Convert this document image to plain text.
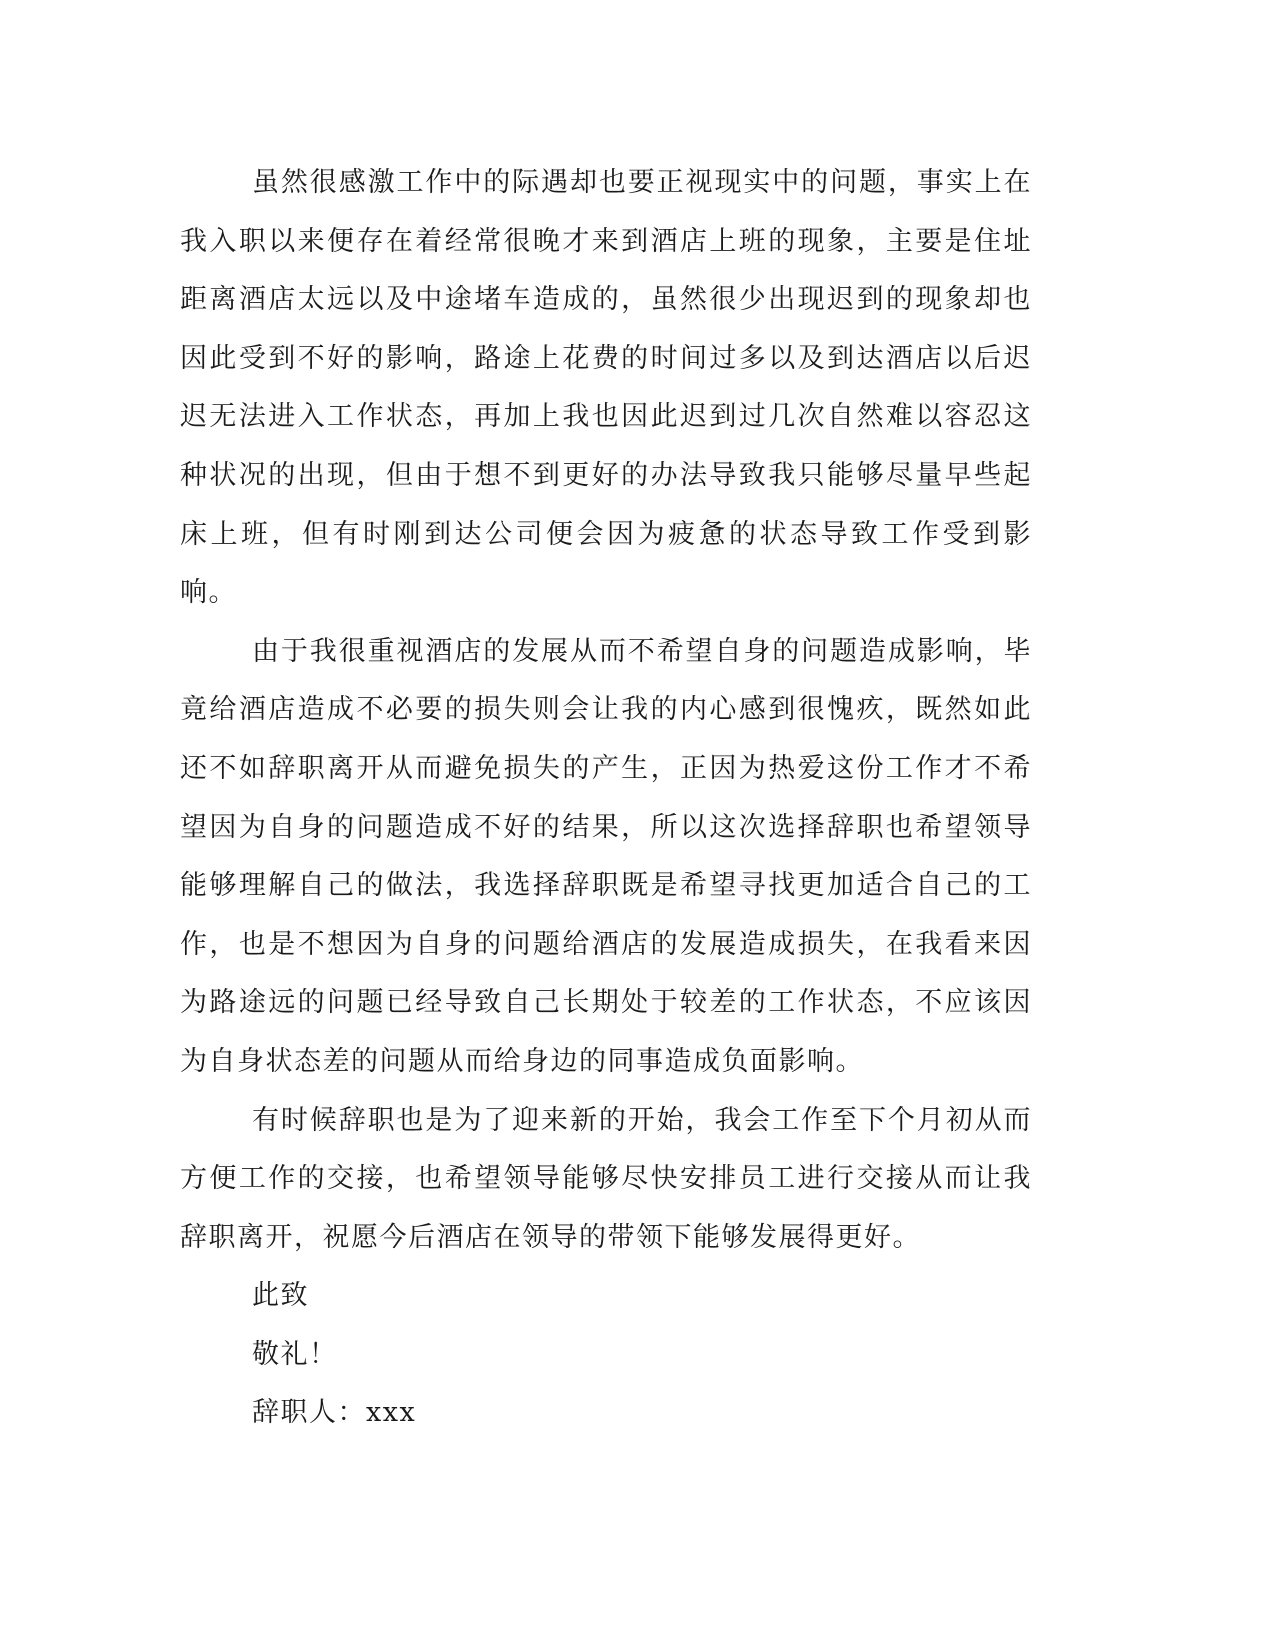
虽然很感激工作中的际遇却也要正视现实中的问题，事实上在我入职以来便存在着经常很晚才来到酒店上班的现象，主要是住址距离酒店太远以及中途堵车造成的，虽然很少出现迟到的现象却也因此受到不好的影响，路途上花费的时间过多以及到达酒店以后迟迟无法进入工作状态，再加上我也因此迟到过几次自然难以容忍这种状况的出现，但由于想不到更好的办法导致我只能够尽量早些起床上班，但有时刚到达公司便会因为疲惫的状态导致工作受到影响。

由于我很重视酒店的发展从而不希望自身的问题造成影响，毕竟给酒店造成不必要的损失则会让我的内心感到很愧疚，既然如此还不如辞职离开从而避免损失的产生，正因为热爱这份工作才不希望因为自身的问题造成不好的结果，所以这次选择辞职也希望领导能够理解自己的做法，我选择辞职既是希望寻找更加适合自己的工作，也是不想因为自身的问题给酒店的发展造成损失，在我看来因为路途远的问题已经导致自己长期处于较差的工作状态，不应该因为自身状态差的问题从而给身边的同事造成负面影响。

有时候辞职也是为了迎来新的开始，我会工作至下个月初从而方便工作的交接，也希望领导能够尽快安排员工进行交接从而让我辞职离开，祝愿今后酒店在领导的带领下能够发展得更好。

此致

敬礼！

辞职人：xxx
